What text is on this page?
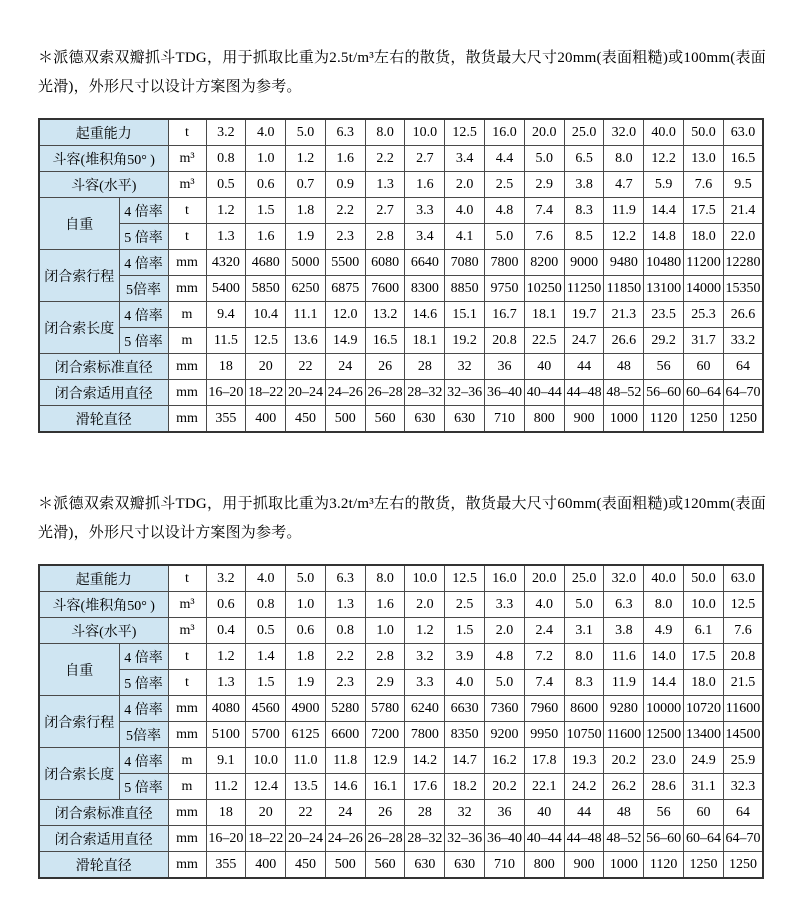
＊派德双索双瓣抓斗TDG，用于抓取比重为2.5t/m³左右的散货，散货最大尺寸20mm(表面粗糙)或100mm(表面光滑)，外形尺寸以设计方案图为参考。

起重能力		t	3.2	4.0	5.0	6.3	8.0	10.0	12.5	16.0	20.0	25.0	32.0	40.0	50.0	63.0
斗容(堆积角50° )		m³	0.8	1.0	1.2	1.6	2.2	2.7	3.4	4.4	5.0	6.5	8.0	12.2	13.0	16.5
斗容(水平)		m³	0.5	0.6	0.7	0.9	1.3	1.6	2.0	2.5	2.9	3.8	4.7	5.9	7.6	9.5
自重	4 倍率	t	1.2	1.5	1.8	2.2	2.7	3.3	4.0	4.8	7.4	8.3	11.9	14.4	17.5	21.4
	5 倍率	t	1.3	1.6	1.9	2.3	2.8	3.4	4.1	5.0	7.6	8.5	12.2	14.8	18.0	22.0
闭合索行程	4 倍率	mm	4320	4680	5000	5500	6080	6640	7080	7800	8200	9000	9480	10480	11200	12280
	5倍率	mm	5400	5850	6250	6875	7600	8300	8850	9750	10250	11250	11850	13100	14000	15350
闭合索长度	4 倍率	m	9.4	10.4	11.1	12.0	13.2	14.6	15.1	16.7	18.1	19.7	21.3	23.5	25.3	26.6
	5 倍率	m	11.5	12.5	13.6	14.9	16.5	18.1	19.2	20.8	22.5	24.7	26.6	29.2	31.7	33.2
闭合索标准直径		mm	18	20	22	24	26	28	32	36	40	44	48	56	60	64
闭合索适用直径		mm	16–20	18–22	20–24	24–26	26–28	28–32	32–36	36–40	40–44	44–48	48–52	56–60	60–64	64–70
滑轮直径		mm	355	400	450	500	560	630	630	710	800	900	1000	1120	1250	1250

＊派德双索双瓣抓斗TDG，用于抓取比重为3.2t/m³左右的散货，散货最大尺寸60mm(表面粗糙)或120mm(表面光滑)，外形尺寸以设计方案图为参考。

起重能力		t	3.2	4.0	5.0	6.3	8.0	10.0	12.5	16.0	20.0	25.0	32.0	40.0	50.0	63.0
斗容(堆积角50° )		m³	0.6	0.8	1.0	1.3	1.6	2.0	2.5	3.3	4.0	5.0	6.3	8.0	10.0	12.5
斗容(水平)		m³	0.4	0.5	0.6	0.8	1.0	1.2	1.5	2.0	2.4	3.1	3.8	4.9	6.1	7.6
自重	4 倍率	t	1.2	1.4	1.8	2.2	2.8	3.2	3.9	4.8	7.2	8.0	11.6	14.0	17.5	20.8
	5 倍率	t	1.3	1.5	1.9	2.3	2.9	3.3	4.0	5.0	7.4	8.3	11.9	14.4	18.0	21.5
闭合索行程	4 倍率	mm	4080	4560	4900	5280	5780	6240	6630	7360	7960	8600	9280	10000	10720	11600
	5倍率	mm	5100	5700	6125	6600	7200	7800	8350	9200	9950	10750	11600	12500	13400	14500
闭合索长度	4 倍率	m	9.1	10.0	11.0	11.8	12.9	14.2	14.7	16.2	17.8	19.3	20.2	23.0	24.9	25.9
	5 倍率	m	11.2	12.4	13.5	14.6	16.1	17.6	18.2	20.2	22.1	24.2	26.2	28.6	31.1	32.3
闭合索标准直径		mm	18	20	22	24	26	28	32	36	40	44	48	56	60	64
闭合索适用直径		mm	16–20	18–22	20–24	24–26	26–28	28–32	32–36	36–40	40–44	44–48	48–52	56–60	60–64	64–70
滑轮直径		mm	355	400	450	500	560	630	630	710	800	900	1000	1120	1250	1250
